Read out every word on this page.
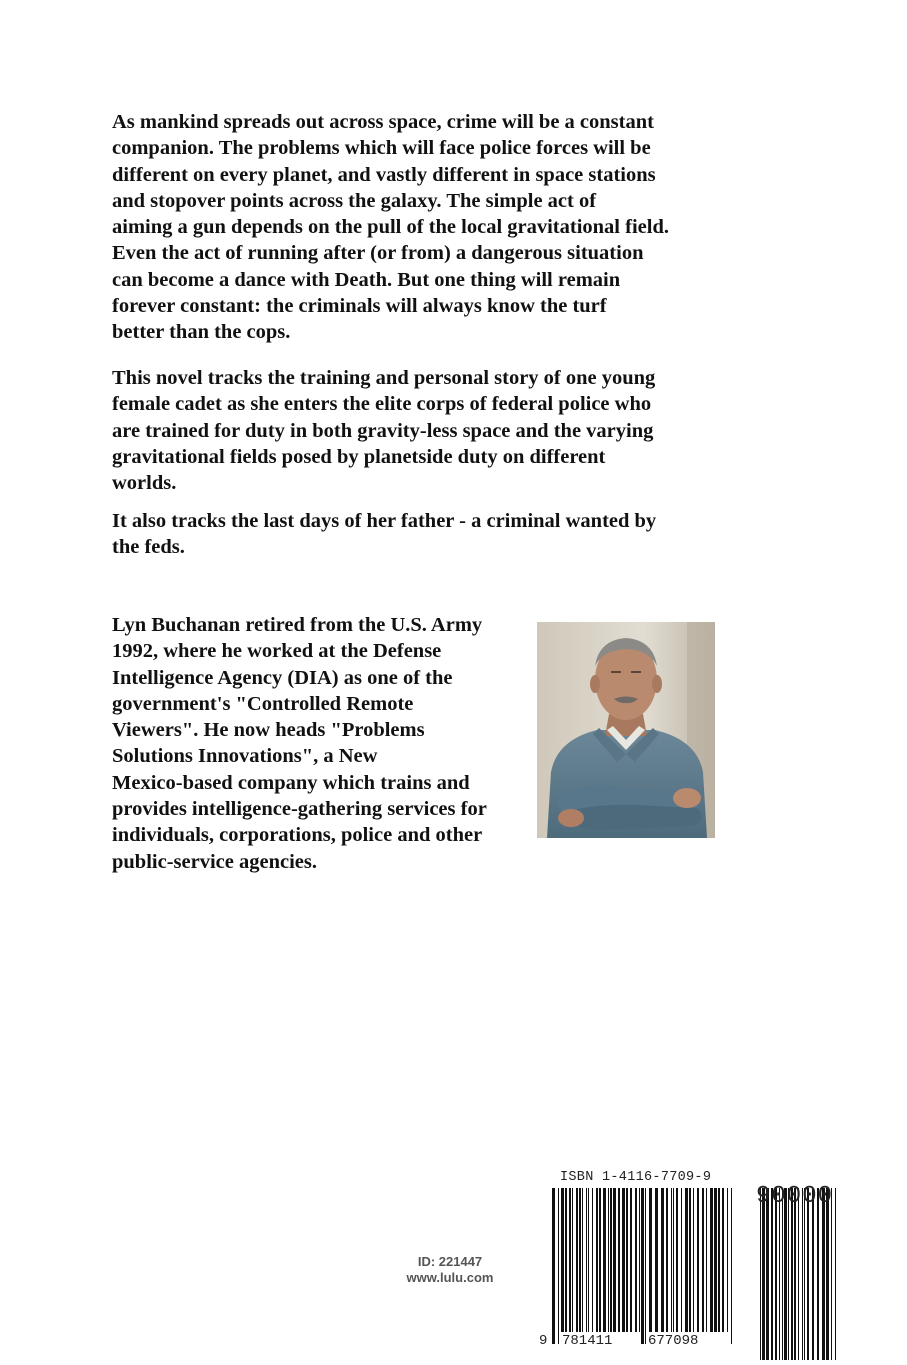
As mankind spreads out across space, crime will be a constant
companion. The problems which will face police forces will be
different on every planet, and vastly different in space stations
and stopover points across the galaxy. The simple act of
aiming a gun depends on the pull of the local gravitational field.
Even the act of running after (or from) a dangerous situation
can become a dance with Death. But one thing will remain
forever constant: the criminals will always know the turf
better than the cops.

This novel tracks the training and personal story of one young
female cadet as she enters the elite corps of federal police who
are trained for duty in both gravity-less space and the varying
gravitational fields posed by planetside duty on different
worlds.

It also tracks the last days of her father - a criminal wanted by
the feds.

Lyn Buchanan retired from the U.S. Army
1992, where he worked at the Defense
Intelligence Agency (DIA) as one of the
government's "Controlled Remote
Viewers". He now heads "Problems
Solutions Innovations", a New
Mexico-based company which trains and
provides intelligence-gathering services for
individuals, corporations, police and other
public-service agencies.

ID: 221447
www.lulu.com
ISBN 1-4116-7709-9
90000
9 781411	677098
